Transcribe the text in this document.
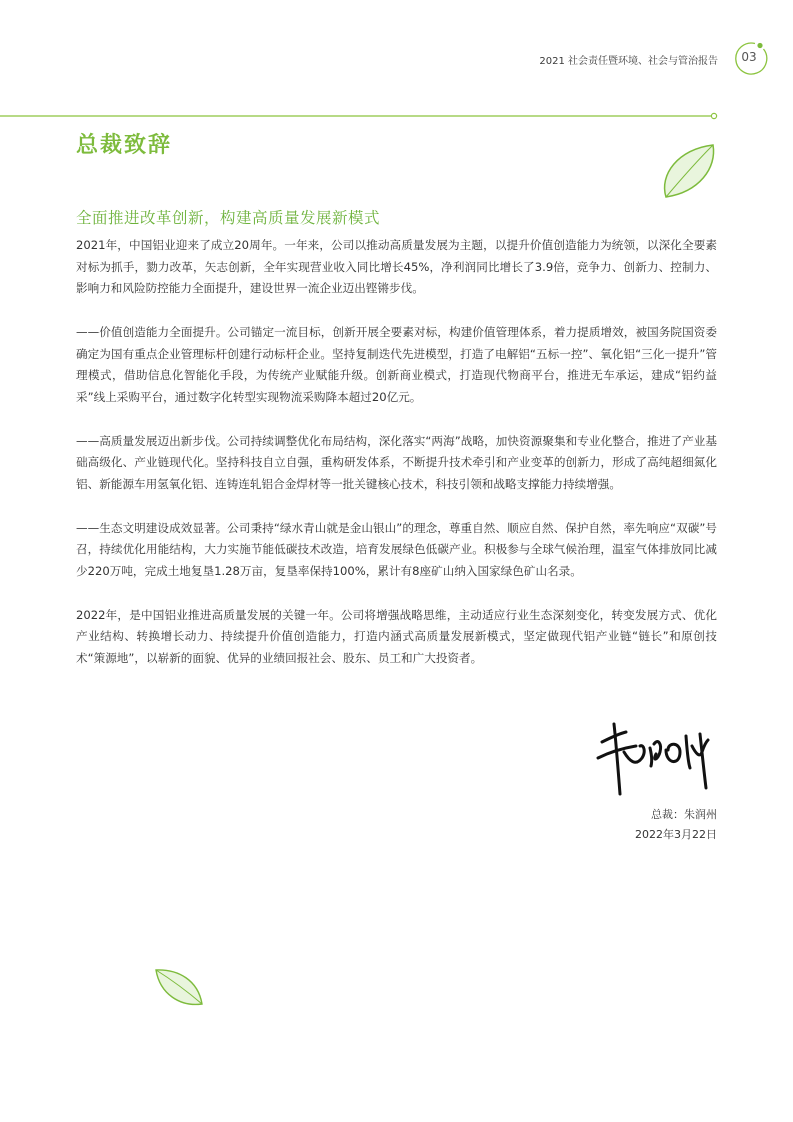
2021 社会责任暨环境、社会与管治报告	03
总裁致辞
全面推进改革创新，构建高质量发展新模式

2021年，中国铝业迎来了成立20周年。一年来，公司以推动高质量发展为主题，以提升价值创造能力为统领，以深化全要素对标为抓手，勠力改革，矢志创新，全年实现营业收入同比增长45%，净利润同比增长了3.9倍，竞争力、创新力、控制力、影响力和风险防控能力全面提升，建设世界一流企业迈出铿锵步伐。

——价值创造能力全面提升。公司锚定一流目标，创新开展全要素对标，构建价值管理体系，着力提质增效，被国务院国资委确定为国有重点企业管理标杆创建行动标杆企业。坚持复制迭代先进模型，打造了电解铝“五标一控”、氧化铝“三化一提升”管理模式，借助信息化智能化手段，为传统产业赋能升级。创新商业模式，打造现代物商平台，推进无车承运，建成“铝约益采”线上采购平台，通过数字化转型实现物流采购降本超过20亿元。

——高质量发展迈出新步伐。公司持续调整优化布局结构，深化落实“两海”战略，加快资源聚集和专业化整合，推进了产业基础高级化、产业链现代化。坚持科技自立自强，重构研发体系，不断提升技术牵引和产业变革的创新力，形成了高纯超细氮化铝、新能源车用氢氧化铝、连铸连轧铝合金焊材等一批关键核心技术，科技引领和战略支撑能力持续增强。

——生态文明建设成效显著。公司秉持“绿水青山就是金山银山”的理念，尊重自然、顺应自然、保护自然，率先响应“双碳”号召，持续优化用能结构，大力实施节能低碳技术改造，培育发展绿色低碳产业。积极参与全球气候治理，温室气体排放同比减少220万吨，完成土地复垦1.28万亩，复垦率保持100%，累计有8座矿山纳入国家绿色矿山名录。

2022年，是中国铝业推进高质量发展的关键一年。公司将增强战略思维，主动适应行业生态深刻变化，转变发展方式、优化产业结构、转换增长动力、持续提升价值创造能力，打造内涵式高质量发展新模式，坚定做现代铝产业链“链长”和原创技术“策源地”，以崭新的面貌、优异的业绩回报社会、股东、员工和广大投资者。

总裁：朱润州
2022年3月22日
